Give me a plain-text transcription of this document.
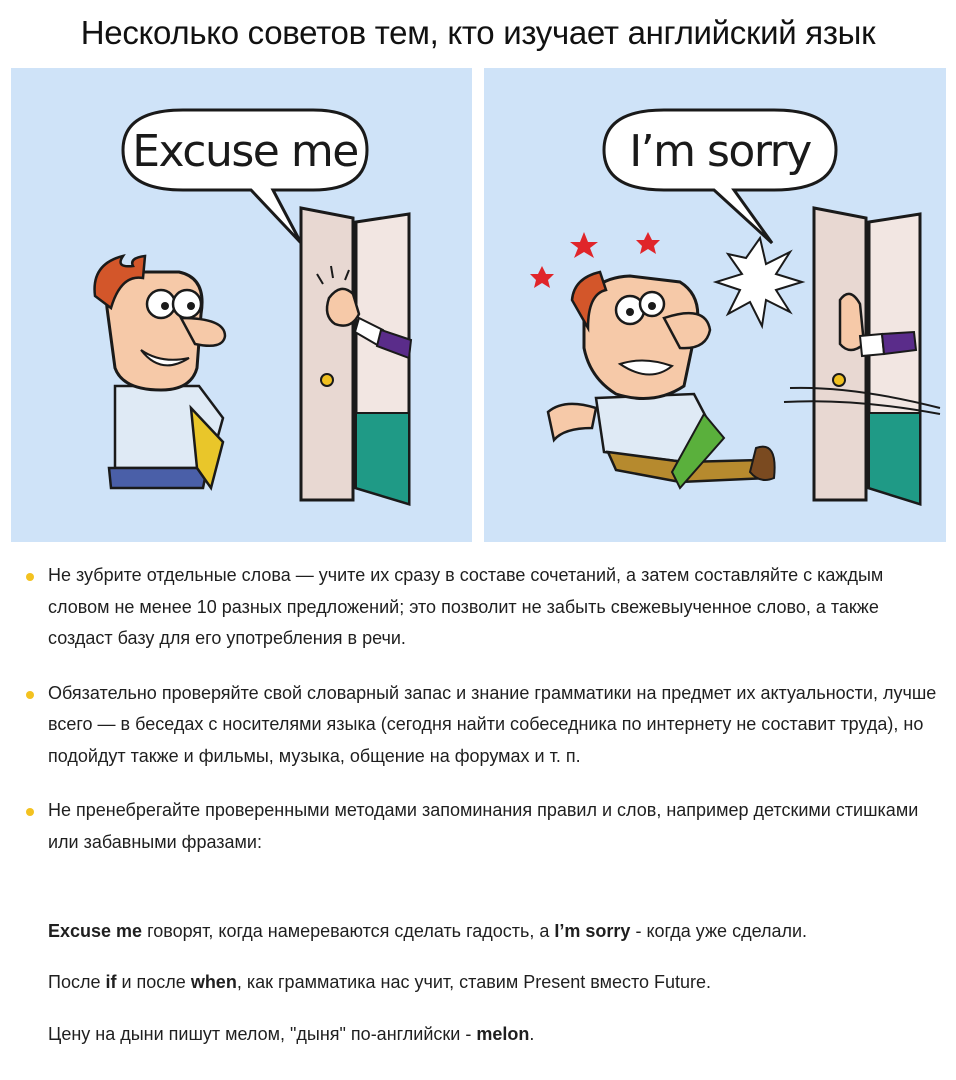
Несколько советов тем, кто изучает английский язык
Excuse me	I’m sorry
Не зубрите отдельные слова — учите их сразу в составе сочетаний, а затем составляйте с каждым словом не менее 10 разных предложений; это позволит не забыть свежевыученное слово, а также создаст базу для его употребления в речи.
Обязательно проверяйте свой словарный запас и знание грамматики на предмет их актуальности, лучше всего — в беседах с носителями языка (сегодня найти собеседника по интернету не составит труда), но подойдут также и фильмы, музыка, общение на форумах и т. п.
Не пренебрегайте проверенными методами запоминания правил и слов, например детскими стишками или забавными фразами:
Excuse me говорят, когда намереваются сделать гадость, а I’m sorry - когда уже сделали.
После if и после when, как грамматика нас учит, ставим Present вместо Future.
Цену на дыни пишут мелом, "дыня" по-английски - melon.
